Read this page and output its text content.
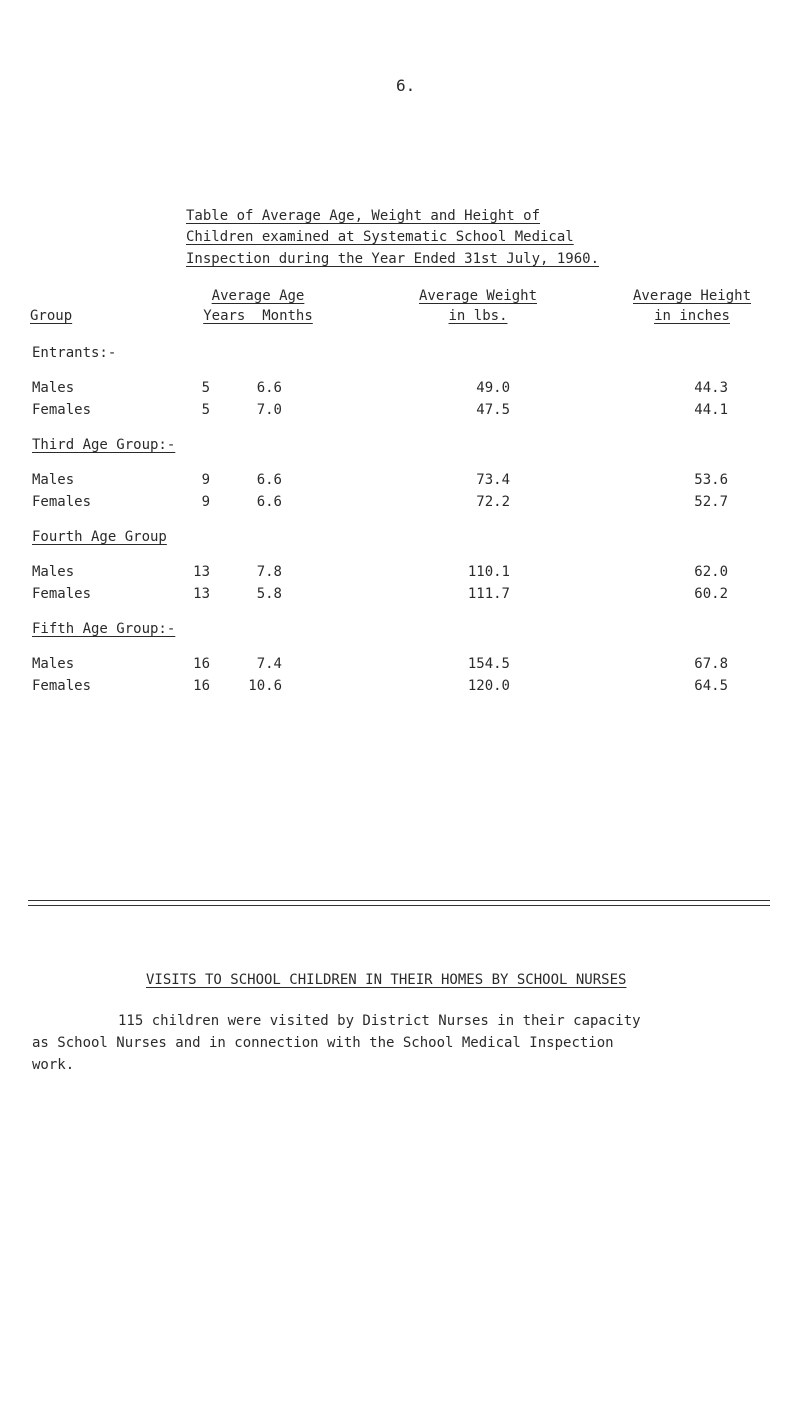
6.
Table of Average Age, Weight and Height of
Children examined at Systematic School Medical
Inspection during the Year Ended 31st July, 1960.
Group
Average Age
Years  Months
Average Weight
in lbs.
Average Height
in inches
Entrants:-
Males	5	6.6	49.0	44.3
Females	5	7.0	47.5	44.1
Third Age Group:-
Males	9	6.6	73.4	53.6
Females	9	6.6	72.2	52.7
Fourth Age Group
Males	13	7.8	110.1	62.0
Females	13	5.8	111.7	60.2
Fifth Age Group:-
Males	16	7.4	154.5	67.8
Females	16	10.6	120.0	64.5
VISITS TO SCHOOL CHILDREN IN THEIR HOMES BY SCHOOL NURSES
115 children were visited by District Nurses in their capacity
as School Nurses and in connection with the School Medical Inspection
work.
